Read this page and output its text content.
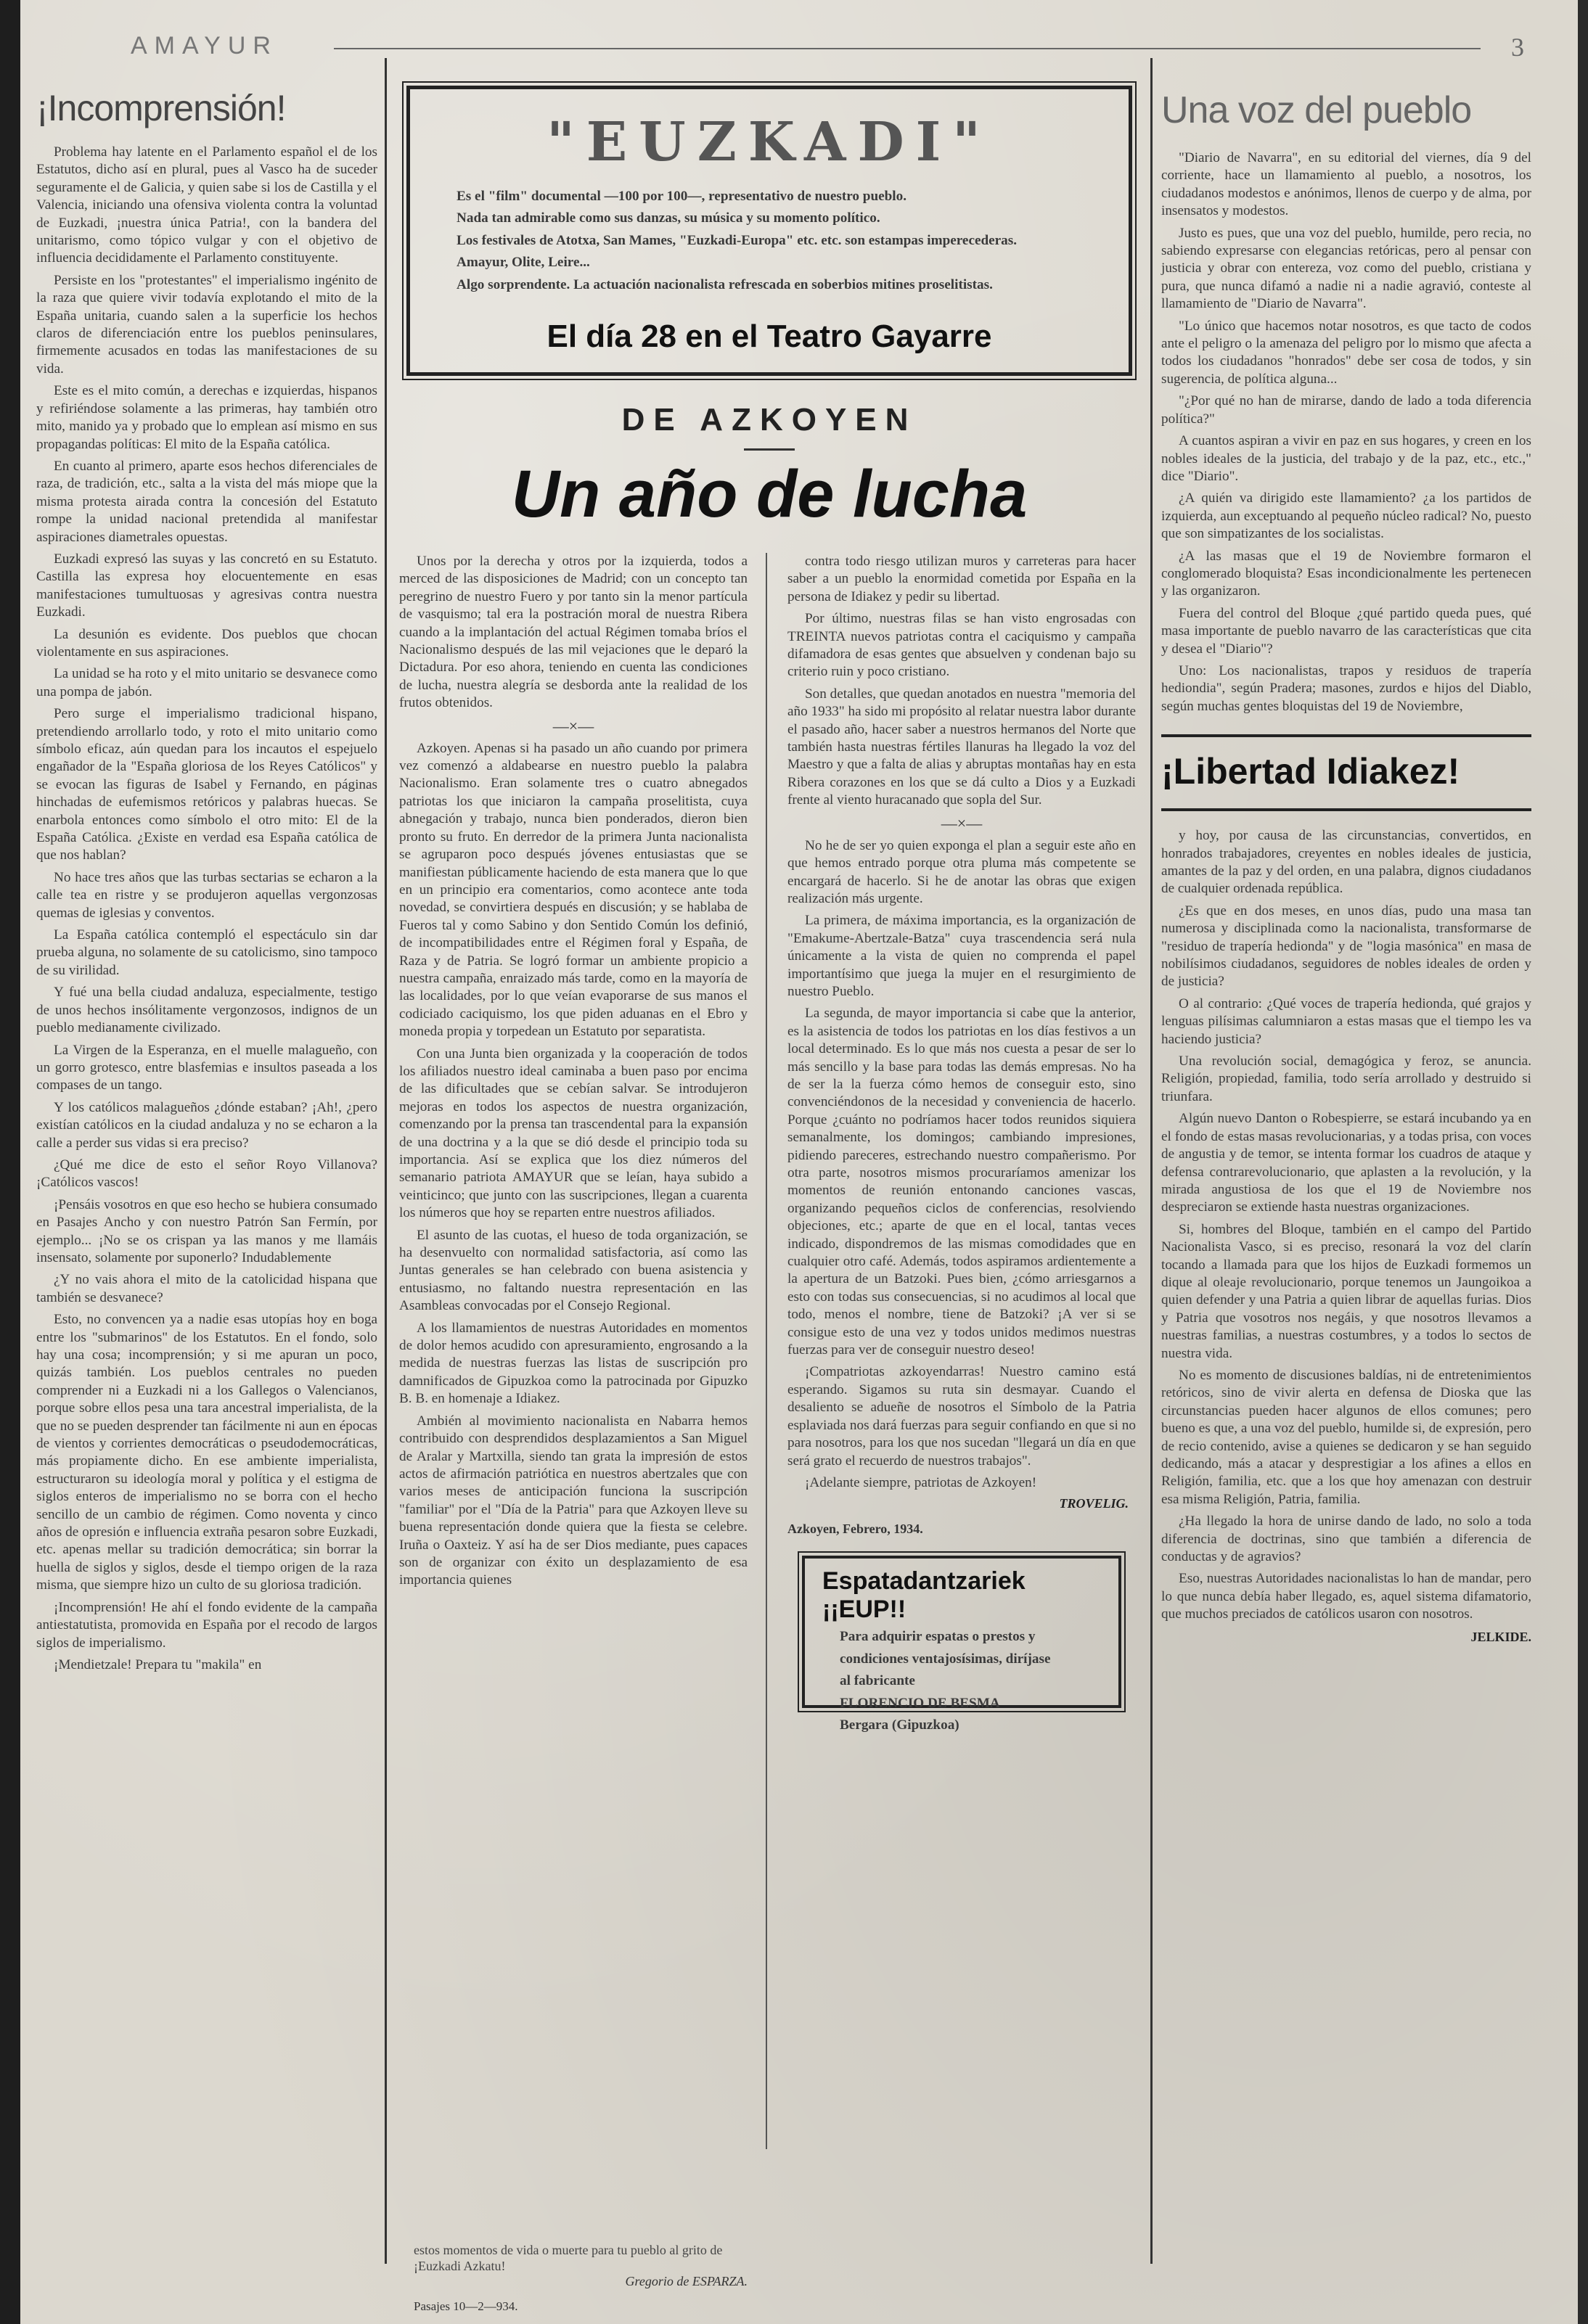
AMAYUR	3
¡Incomprensión!

Problema hay latente en el Parlamento español el de los Estatutos, dicho así en plural, pues al Vasco ha de suceder seguramente el de Galicia, y quien sabe si los de Castilla y el Valencia, iniciando una ofensiva violenta contra la voluntad de Euzkadi, ¡nuestra única Patria!, con la bandera del unitarismo, como tópico vulgar y con el objetivo de influencia decididamente el Parlamento constituyente.

Persiste en los "protestantes" el imperialismo ingénito de la raza que quiere vivir todavía explotando el mito de la España unitaria, cuando salen a la superficie los hechos claros de diferenciación entre los pueblos peninsulares, firmemente acusados en todas las manifestaciones de su vida.

Este es el mito común, a derechas e izquierdas, hispanos y refiriéndose solamente a las primeras, hay también otro mito, manido ya y probado que lo emplean así mismo en sus propagandas políticas: El mito de la España católica.

En cuanto al primero, aparte esos hechos diferenciales de raza, de tradición, etc., salta a la vista del más miope que la misma protesta airada contra la concesión del Estatuto rompe la unidad nacional pretendida al manifestar aspiraciones diametrales opuestas.

Euzkadi expresó las suyas y las concretó en su Estatuto. Castilla las expresa hoy elocuentemente en esas manifestaciones tumultuosas y agresivas contra nuestra Euzkadi.

La desunión es evidente. Dos pueblos que chocan violentamente en sus aspiraciones.

La unidad se ha roto y el mito unitario se desvanece como una pompa de jabón.

Pero surge el imperialismo tradicional hispano, pretendiendo arrollarlo todo, y roto el mito unitario como símbolo eficaz, aún quedan para los incautos el espejuelo engañador de la "España gloriosa de los Reyes Católicos" y se evocan las figuras de Isabel y Fernando, en páginas hinchadas de eufemismos retóricos y palabras huecas. Se enarbola entonces como símbolo el otro mito: El de la España Católica. ¿Existe en verdad esa España católica de que nos hablan?

No hace tres años que las turbas sectarias se echaron a la calle tea en ristre y se produjeron aquellas vergonzosas quemas de iglesias y conventos.

La España católica contempló el espectáculo sin dar prueba alguna, no solamente de su catolicismo, sino tampoco de su virilidad.

Y fué una bella ciudad andaluza, especialmente, testigo de unos hechos insólitamente vergonzosos, indignos de un pueblo medianamente civilizado.

La Virgen de la Esperanza, en el muelle malagueño, con un gorro grotesco, entre blasfemias e insultos paseada a los compases de un tango.

Y los católicos malagueños ¿dónde estaban? ¡Ah!, ¿pero existían católicos en la ciudad andaluza y no se echaron a la calle a perder sus vidas si era preciso?

¿Qué me dice de esto el señor Royo Villanova? ¡Católicos vascos!

¡Pensáis vosotros en que eso hecho se hubiera consumado en Pasajes Ancho y con nuestro Patrón San Fermín, por ejemplo... ¡No se os crispan ya las manos y me llamáis insensato, solamente por suponerlo? Indudablemente

¿Y no vais ahora el mito de la catolicidad hispana que también se desvanece?

Esto, no convencen ya a nadie esas utopías hoy en boga entre los "submarinos" de los Estatutos. En el fondo, solo hay una cosa; incomprensión; y si me apuran un poco, quizás también. Los pueblos centrales no pueden comprender ni a Euzkadi ni a los Gallegos o Valencianos, porque sobre ellos pesa una tara ancestral imperialista, de la que no se pueden desprender tan fácilmente ni aun en épocas de vientos y corrientes democráticas o pseudodemocráticas, más propiamente dicho. En ese ambiente imperialista, estructuraron su ideología moral y política y el estigma de siglos enteros de imperialismo no se borra con el hecho sencillo de un cambio de régimen. Como noventa y cinco años de opresión e influencia extraña pesaron sobre Euzkadi, etc. apenas mellar su tradición democrática; sin borrar la huella de siglos y siglos, desde el tiempo origen de la raza misma, que siempre hizo un culto de su gloriosa tradición.

¡Incomprensión! He ahí el fondo evidente de la campaña antiestatutista, promovida en España por el recodo de largos siglos de imperialismo.

¡Mendietzale! Prepara tu "makila" en

"EUZKADI"

Es el "film" documental —100 por 100—, representativo de nuestro pueblo.

Nada tan admirable como sus danzas, su música y su momento político.

Los festivales de Atotxa, San Mames, "Euzkadi-Europa" etc. etc. son estampas imperecederas.

Amayur, Olite, Leire...

Algo sorprendente. La actuación nacionalista refrescada en soberbios mitines proselitistas.

El día 28 en el Teatro Gayarre
DE AZKOYEN
Un año de lucha

Unos por la derecha y otros por la izquierda, todos a merced de las disposiciones de Madrid; con un concepto tan peregrino de nuestro Fuero y por tanto sin la menor partícula de vasquismo; tal era la postración moral de nuestra Ribera cuando a la implantación del actual Régimen tomaba bríos el Nacionalismo después de las mil vejaciones que le deparó la Dictadura. Por eso ahora, teniendo en cuenta las condiciones de lucha, nuestra alegría se desborda ante la realidad de los frutos obtenidos.

—×—

Azkoyen. Apenas si ha pasado un año cuando por primera vez comenzó a aldabearse en nuestro pueblo la palabra Nacionalismo. Eran solamente tres o cuatro abnegados patriotas los que iniciaron la campaña proselitista, cuya abnegación y trabajo, nunca bien ponderados, dieron bien pronto su fruto. En derredor de la primera Junta nacionalista se agruparon poco después jóvenes entusiastas que se manifiestan públicamente haciendo de esta manera que lo que en un principio era comentarios, como acontece ante toda novedad, se convirtiera después en discusión; y se hablaba de Fueros tal y como Sabino y don Sentido Común los definió, de incompatibilidades entre el Régimen foral y España, de Raza y de Patria. Se logró formar un ambiente propicio a nuestra campaña, enraizado más tarde, como en la mayoría de las localidades, por lo que veían evaporarse de sus manos el codiciado caciquismo, los que piden aduanas en el Ebro y moneda propia y torpedean un Estatuto por separatista.

Con una Junta bien organizada y la cooperación de todos los afiliados nuestro ideal caminaba a buen paso por encima de las dificultades que se cebían salvar. Se introdujeron mejoras en todos los aspectos de nuestra organización, comenzando por la prensa tan trascendental para la expansión de una doctrina y a la que se dió desde el principio toda su importancia. Así se explica que los diez números del semanario patriota AMAYUR que se leían, haya subido a veinticinco; que junto con las suscripciones, llegan a cuarenta los números que hoy se reparten entre nuestros afiliados.

El asunto de las cuotas, el hueso de toda organización, se ha desenvuelto con normalidad satisfactoria, así como las Juntas generales se han celebrado con buena asistencia y entusiasmo, no faltando nuestra representación en las Asambleas convocadas por el Consejo Regional.

A los llamamientos de nuestras Autoridades en momentos de dolor hemos acudido con apresuramiento, engrosando a la medida de nuestras fuerzas las listas de suscripción pro damnificados de Gipuzkoa como la patrocinada por Gipuzko B. B. en homenaje a Idiakez.

Ambién al movimiento nacionalista en Nabarra hemos contribuido con desprendidos desplazamientos a San Miguel de Aralar y Martxilla, siendo tan grata la impresión de estos actos de afirmación patriótica en nuestros abertzales que con varios meses de anticipación funciona la suscripción "familiar" por el "Día de la Patria" para que Azkoyen lleve su buena representación donde quiera que la fiesta se celebre. Iruña o Oaxteiz. Y así ha de ser Dios mediante, pues capaces son de organizar con éxito un desplazamiento de esa importancia quienes

contra todo riesgo utilizan muros y carreteras para hacer saber a un pueblo la enormidad cometida por España en la persona de Idiakez y pedir su libertad.

Por último, nuestras filas se han visto engrosadas con TREINTA nuevos patriotas contra el caciquismo y campaña difamadora de esas gentes que absuelven y condenan bajo su criterio ruin y poco cristiano.

Son detalles, que quedan anotados en nuestra "memoria del año 1933" ha sido mi propósito al relatar nuestra labor durante el pasado año, hacer saber a nuestros hermanos del Norte que también hasta nuestras fértiles llanuras ha llegado la voz del Maestro y que a falta de alias y abruptas montañas hay en esta Ribera corazones en los que se dá culto a Dios y a Euzkadi frente al viento huracanado que sopla del Sur.

—×—

No he de ser yo quien exponga el plan a seguir este año en que hemos entrado porque otra pluma más competente se encargará de hacerlo. Si he de anotar las obras que exigen realización más urgente.

La primera, de máxima importancia, es la organización de "Emakume-Abertzale-Batza" cuya trascendencia será nula únicamente a la vista de quien no comprenda el papel importantísimo que juega la mujer en el resurgimiento de nuestro Pueblo.

La segunda, de mayor importancia si cabe que la anterior, es la asistencia de todos los patriotas en los días festivos a un local determinado. Es lo que más nos cuesta a pesar de ser lo más sencillo y la base para todas las demás empresas. No ha de ser la la fuerza cómo hemos de conseguir esto, sino convenciéndonos de la necesidad y conveniencia de hacerlo. Porque ¿cuánto no podríamos hacer todos reunidos siquiera semanalmente, los domingos; cambiando impresiones, pidiendo pareceres, estrechando nuestro compañerismo. Por otra parte, nosotros mismos procuraríamos amenizar los momentos de reunión entonando canciones vascas, organizando pequeños ciclos de conferencias, resolviendo objeciones, etc.; aparte de que en el local, tantas veces indicado, dispondremos de las mismas comodidades que en cualquier otro café. Además, todos aspiramos ardientemente a la apertura de un Batzoki. Pues bien, ¿cómo arriesgarnos a esto con todas sus consecuencias, si no acudimos al local que todo, menos el nombre, tiene de Batzoki? ¡A ver si se consigue esto de una vez y todos unidos medimos nuestras fuerzas para ver de conseguir nuestro deseo!

¡Compatriotas azkoyendarras! Nuestro camino está esperando. Sigamos su ruta sin desmayar. Cuando el desaliento se adueñe de nosotros el Símbolo de la Patria esplaviada nos dará fuerzas para seguir confiando en que si no para nosotros, para los que nos sucedan "llegará un día en que será grato el recuerdo de nuestros trabajos".

¡Adelante siempre, patriotas de Azkoyen!

TROVELIG.
Azkoyen, Febrero, 1934.
Espatadantzariek ¡¡EUP!!

Para adquirir espatas o prestos y

condiciones ventajosísimas, diríjase

al fabricante

FLORENCIO DE BESMA

Bergara (Gipuzkoa)

estos momentos de vida o muerte para tu pueblo al grito de ¡Euzkadi Azkatu!
Gregorio de ESPARZA.
Pasajes 10—2—934.
Una voz del pueblo

"Diario de Navarra", en su editorial del viernes, día 9 del corriente, hace un llamamiento al pueblo, a nosotros, los ciudadanos modestos e anónimos, llenos de cuerpo y de alma, por insensatos y modestos.

Justo es pues, que una voz del pueblo, humilde, pero recia, no sabiendo expresarse con elegancias retóricas, pero al pensar con justicia y obrar con entereza, voz como del pueblo, cristiana y pura, que nunca difamó a nadie ni a nadie agravió, conteste al llamamiento de "Diario de Navarra".

"Lo único que hacemos notar nosotros, es que tacto de codos ante el peligro o la amenaza del peligro por lo mismo que afecta a todos los ciudadanos "honrados" debe ser cosa de todos, y sin sugerencia, de política alguna...

"¿Por qué no han de mirarse, dando de lado a toda diferencia política?"

A cuantos aspiran a vivir en paz en sus hogares, y creen en los nobles ideales de la justicia, del trabajo y de la paz, etc., etc.," dice "Diario".

¿A quién va dirigido este llamamiento? ¿a los partidos de izquierda, aun exceptuando al pequeño núcleo radical? No, puesto que son simpatizantes de los socialistas.

¿A las masas que el 19 de Noviembre formaron el conglomerado bloquista? Esas incondicionalmente les pertenecen y las organizaron.

Fuera del control del Bloque ¿qué partido queda pues, qué masa importante de pueblo navarro de las características que cita y desea el "Diario"?

Uno: Los nacionalistas, trapos y residuos de trapería hediondia", según Pradera; masones, zurdos e hijos del Diablo, según muchas gentes bloquistas del 19 de Noviembre,

¡Libertad Idiakez!

y hoy, por causa de las circunstancias, convertidos, en honrados trabajadores, creyentes en nobles ideales de justicia, amantes de la paz y del orden, en una palabra, dignos ciudadanos de cualquier ordenada república.

¿Es que en dos meses, en unos días, pudo una masa tan numerosa y disciplinada como la nacionalista, transformarse de "residuo de trapería hedionda" y de "logia masónica" en masa de nobilísimos ciudadanos, seguidores de nobles ideales de orden y de justicia?

O al contrario: ¿Qué voces de trapería hedionda, qué grajos y lenguas pilísimas calumniaron a estas masas que el tiempo les va haciendo justicia?

Una revolución social, demagógica y feroz, se anuncia. Religión, propiedad, familia, todo sería arrollado y destruido si triunfara.

Algún nuevo Danton o Robespierre, se estará incubando ya en el fondo de estas masas revolucionarias, y a todas prisa, con voces de angustia y de temor, se intenta formar los cuadros de ataque y defensa contrarevolucionario, que aplasten a la revolución, y la mirada angustiosa de los que el 19 de Noviembre nos despreciaron se extiende hasta nuestras organizaciones.

Si, hombres del Bloque, también en el campo del Partido Nacionalista Vasco, si es preciso, resonará la voz del clarín tocando a llamada para que los hijos de Euzkadi formemos un dique al oleaje revolucionario, porque tenemos un Jaungoikoa a quien defender y una Patria a quien librar de aquellas furias. Dios y Patria que vosotros nos negáis, y que nosotros llevamos a nuestras familias, a nuestras costumbres, y a todos lo sectos de nuestra vida.

No es momento de discusiones baldías, ni de entretenimientos retóricos, sino de vivir alerta en defensa de Dioska que las circunstancias pueden hacer algunos de ellos comunes; pero bueno es que, a una voz del pueblo, humilde si, de expresión, pero de recio contenido, avise a quienes se dedicaron y se han seguido dedicando, más a atacar y desprestigiar a los afines a ellos en Religión, familia, etc. que a los que hoy amenazan con destruir esa misma Religión, Patria, familia.

¿Ha llegado la hora de unirse dando de lado, no solo a toda diferencia de doctrinas, sino que también a diferencia de conductas y de agravios?

Eso, nuestras Autoridades nacionalistas lo han de mandar, pero lo que nunca debía haber llegado, es, aquel sistema difamatorio, que muchos preciados de católicos usaron con nosotros.

JELKIDE.
